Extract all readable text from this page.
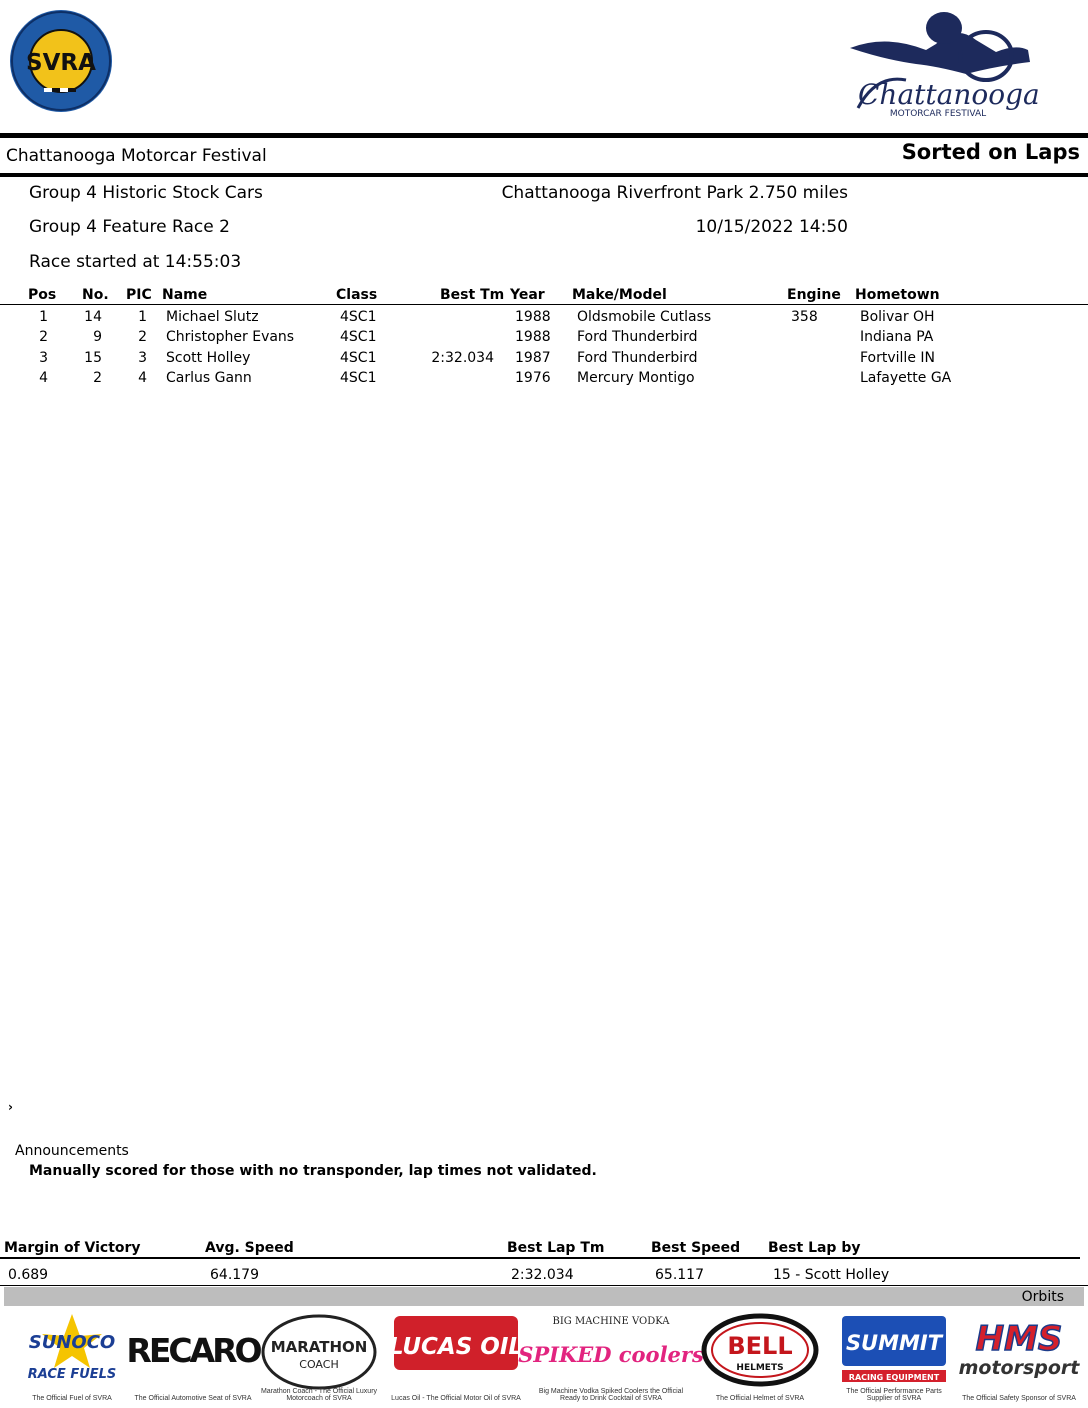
SVRA
Chattanooga
MOTORCAR FESTIVAL
Chattanooga Motorcar Festival	Sorted on Laps
Group 4 Historic Stock Cars
Group 4 Feature Race 2
Race started at 14:55:03
Chattanooga Riverfront Park 2.750 miles
10/15/2022 14:50
Pos No. PIC Name	Class	Best Tm Year Make/Model	Engine Hometown
1	14	1 Michael Slutz	4SC1	1988 Oldsmobile Cutlass	358	Bolivar OH
2	9	2 Christopher Evans	4SC1	1988 Ford Thunderbird	Indiana PA
3	15	3 Scott Holley	4SC1	2:32.034 1987 Ford Thunderbird	Fortville IN
4	2	4 Carlus Gann	4SC1	1976 Mercury Montigo	Lafayette GA
›
Announcements
Manually scored for those with no transponder, lap times not validated.
Margin of Victory	Avg. Speed	Best Lap Tm	Best Speed Best Lap by
0.689	64.179	2:32.034	65.117	15 - Scott Holley
Orbits
SUNOCO
RACE FUELS
The Official Fuel of SVRA
RECARO
The Official Automotive Seat of SVRA
MARATHON
COACH
Marathon Coach - The Official Luxury Motorcoach of SVRA
LUCAS OIL
Lucas Oil - The Official Motor Oil of SVRA
BIG MACHINE VODKA
SPIKED coolers
Big Machine Vodka Spiked Coolers the Official Ready to Drink Cocktail of SVRA
BELL
HELMETS
The Official Helmet of SVRA
SUMMIT
RACING EQUIPMENT
The Official Performance Parts Supplier of SVRA
HMS
motorsport
The Official Safety Sponsor of SVRA
